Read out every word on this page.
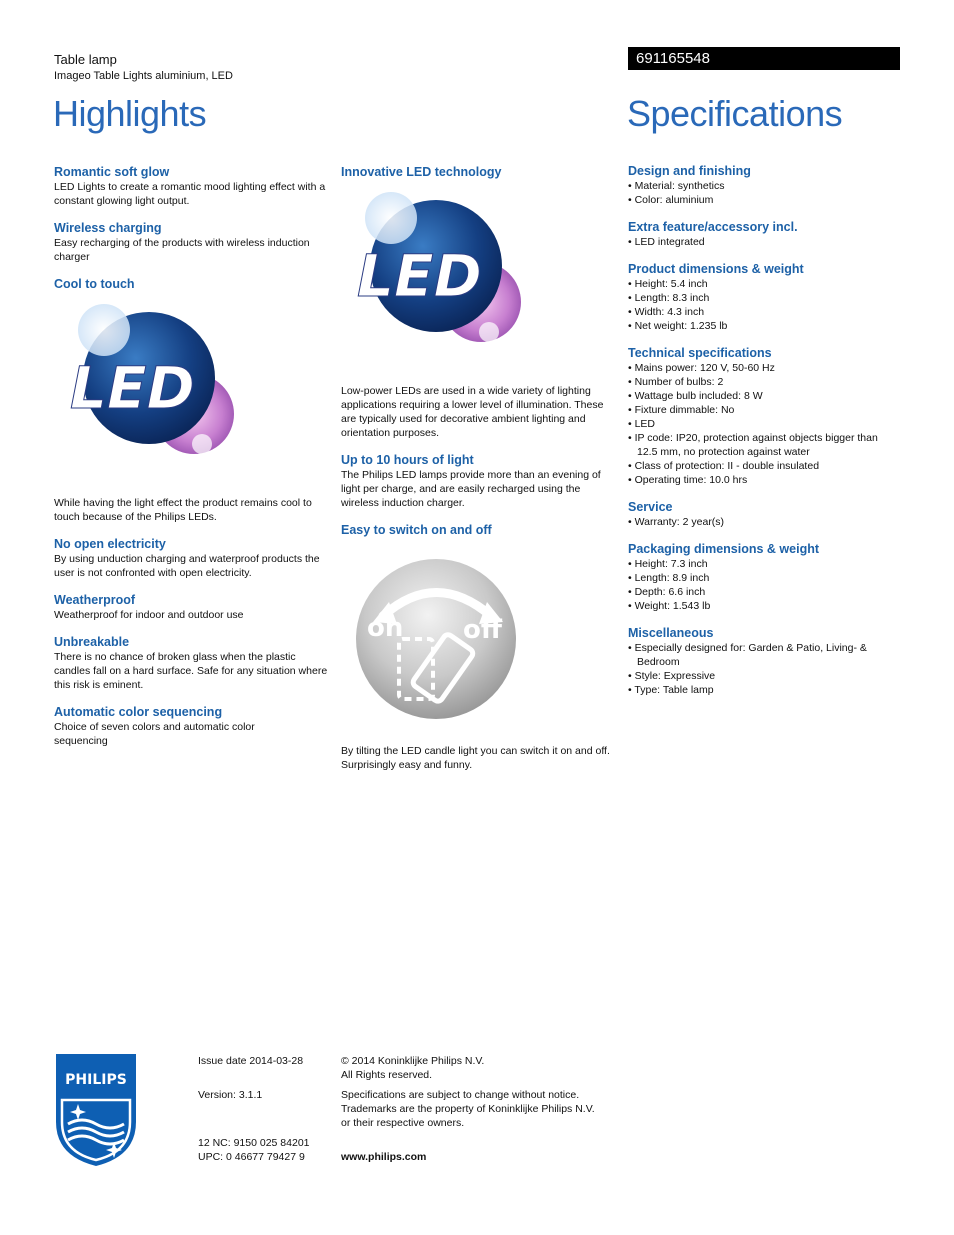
Table lamp
Imageo Table Lights aluminium, LED
691165548
Highlights	Specifications
Romantic soft glow

LED Lights to create a romantic mood lighting effect with a constant glowing light output.

Wireless charging

Easy recharging of the products with wireless induction charger

Cool to touch
LED

While having the light effect the product remains cool to touch because of the Philips LEDs.

No open electricity

By using unduction charging and waterproof products the user is not confronted with open electricity.

Weatherproof

Weatherproof for indoor and outdoor use

Unbreakable

There is no chance of broken glass when the plastic candles fall on a hard surface. Safe for any situation where this risk is eminent.

Automatic color sequencing

Choice of seven colors and automatic color sequencing

Innovative LED technology
LED

Low-power LEDs are used in a wide variety of lighting applications requiring a lower level of illumination. These are typically used for decorative ambient lighting and orientation purposes.

Up to 10 hours of light

The Philips LED lamps provide more than an evening of light per charge, and are easily recharged using the wireless induction charger.

Easy to switch on and off
on off

By tilting the LED candle light you can switch it on and off. Surprisingly easy and funny.

Design and finishing
• Material: synthetics
• Color: aluminium
Extra feature/accessory incl.
• LED integrated
Product dimensions & weight
• Height: 5.4 inch
• Length: 8.3 inch
• Width: 4.3 inch
• Net weight: 1.235 lb
Technical specifications
• Mains power: 120 V, 50-60 Hz
• Number of bulbs: 2
• Wattage bulb included: 8 W
• Fixture dimmable: No
• LED
• IP code: IP20, protection against objects bigger than 12.5 mm, no protection against water
• Class of protection: II - double insulated
• Operating time: 10.0 hrs
Service
• Warranty: 2 year(s)
Packaging dimensions & weight
• Height: 7.3 inch
• Length: 8.9 inch
• Depth: 6.6 inch
• Weight: 1.543 lb
Miscellaneous
• Especially designed for: Garden & Patio, Living- & Bedroom
• Style: Expressive
• Type: Table lamp
PHILIPS
Issue date 2014-03-28
Version: 3.1.1
12 NC: 9150 025 84201
UPC: 0 46677 79427 9
© 2014 Koninklijke Philips N.V.
All Rights reserved.
Specifications are subject to change without notice.
Trademarks are the property of Koninklijke Philips N.V.
or their respective owners.
www.philips.com
